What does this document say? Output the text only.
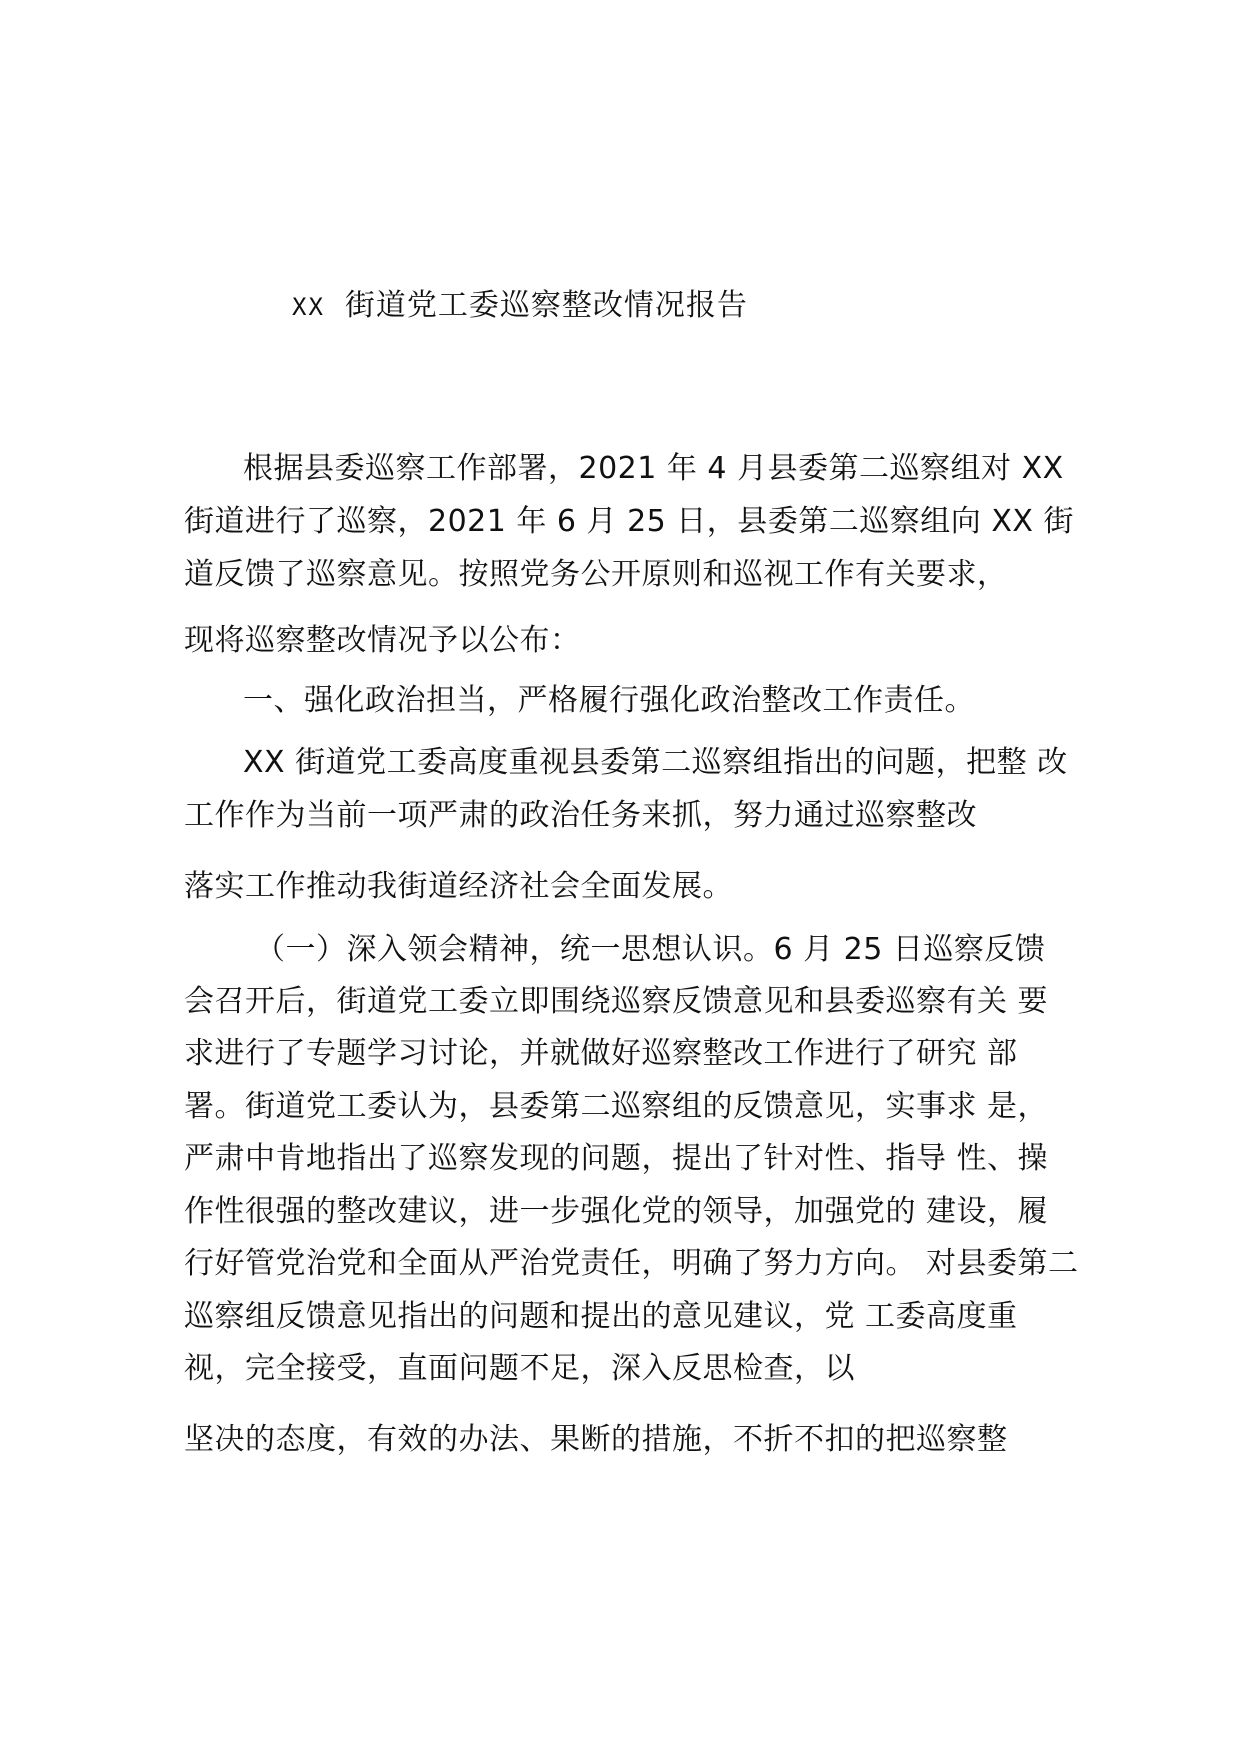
XX 街道党工委巡察整改情况报告
根据县委巡察工作部署，2021 年 4 月县委第二巡察组对 XX
街道进行了巡察，2021 年 6 月 25 日，县委第二巡察组向 XX 街
道反馈了巡察意见。按照党务公开原则和巡视工作有关要求，
现将巡察整改情况予以公布：
一、强化政治担当，严格履行强化政治整改工作责任。
XX 街道党工委高度重视县委第二巡察组指出的问题，把整 改
工作作为当前一项严肃的政治任务来抓，努力通过巡察整改
落实工作推动我街道经济社会全面发展。
（一）深入领会精神，统一思想认识。6 月 25 日巡察反馈
会召开后，街道党工委立即围绕巡察反馈意见和县委巡察有关 要
求进行了专题学习讨论，并就做好巡察整改工作进行了研究 部
署。街道党工委认为，县委第二巡察组的反馈意见，实事求 是，
严肃中肯地指出了巡察发现的问题，提出了针对性、指导 性、操
作性很强的整改建议，进一步强化党的领导，加强党的 建设，履
行好管党治党和全面从严治党责任，明确了努力方向。 对县委第二
巡察组反馈意见指出的问题和提出的意见建议，党 工委高度重
视，完全接受，直面问题不足，深入反思检查，以
坚决的态度，有效的办法、果断的措施，不折不扣的把巡察整
